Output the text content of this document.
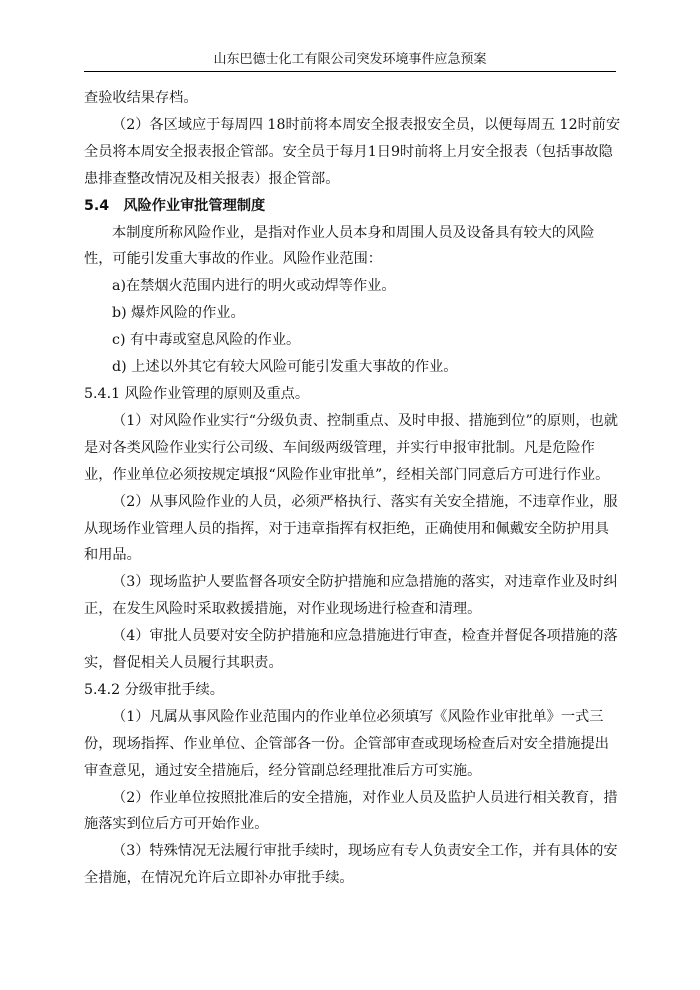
山东巴德士化工有限公司突发环境事件应急预案

查验收结果存档。

（2）各区域应于每周四 18时前将本周安全报表报安全员，以便每周五 12时前安全员将本周安全报表报企管部。安全员于每月1日9时前将上月安全报表（包括事故隐患排查整改情况及相关报表）报企管部。

5.4　风险作业审批管理制度

本制度所称风险作业，是指对作业人员本身和周围人员及设备具有较大的风险性，可能引发重大事故的作业。风险作业范围：

a)在禁烟火范围内进行的明火或动焊等作业。

b) 爆炸风险的作业。

c) 有中毒或窒息风险的作业。

d) 上述以外其它有较大风险可能引发重大事故的作业。

5.4.1 风险作业管理的原则及重点。

（1）对风险作业实行“分级负责、控制重点、及时申报、措施到位”的原则，也就是对各类风险作业实行公司级、车间级两级管理，并实行申报审批制。凡是危险作业，作业单位必须按规定填报“风险作业审批单”，经相关部门同意后方可进行作业。

（2）从事风险作业的人员，必须严格执行、落实有关安全措施，不违章作业，服从现场作业管理人员的指挥，对于违章指挥有权拒绝，正确使用和佩戴安全防护用具和用品。

（3）现场监护人要监督各项安全防护措施和应急措施的落实，对违章作业及时纠正，在发生风险时采取救援措施，对作业现场进行检查和清理。

（4）审批人员要对安全防护措施和应急措施进行审查，检查并督促各项措施的落实，督促相关人员履行其职责。

5.4.2 分级审批手续。

（1）凡属从事风险作业范围内的作业单位必须填写《风险作业审批单》一式三份，现场指挥、作业单位、企管部各一份。企管部审查或现场检查后对安全措施提出审查意见，通过安全措施后，经分管副总经理批准后方可实施。

（2）作业单位按照批准后的安全措施，对作业人员及监护人员进行相关教育，措施落实到位后方可开始作业。

（3）特殊情况无法履行审批手续时，现场应有专人负责安全工作，并有具体的安全措施，在情况允许后立即补办审批手续。
